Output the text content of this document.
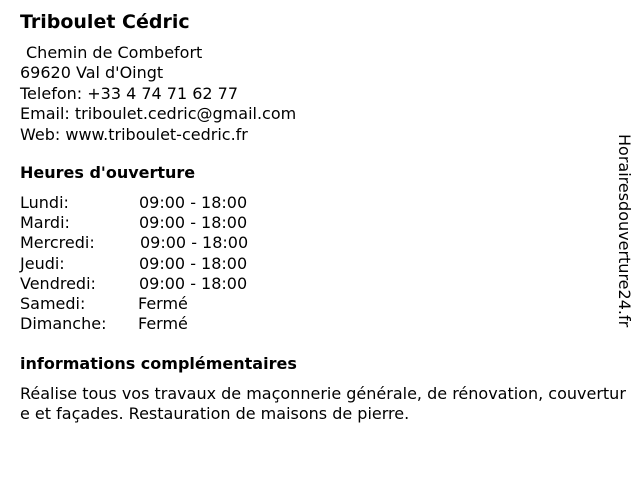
Triboulet Cédric
Chemin de Combefort
69620 Val d'Oingt
Telefon: +33 4 74 71 62 77
Email: triboulet.cedric@gmail.com
Web: www.triboulet-cedric.fr
Heures d'ouverture
Lundi:	09:00 - 18:00
Mardi:	09:00 - 18:00
Mercredi:	09:00 - 18:00
Jeudi:	09:00 - 18:00
Vendredi:	09:00 - 18:00
Samedi:	Fermé
Dimanche: Fermé
informations complémentaires
Réalise tous vos travaux de maçonnerie générale, de rénovation, couverture et façades. Restauration de maisons de pierre.
Horairesdouverture24.fr
